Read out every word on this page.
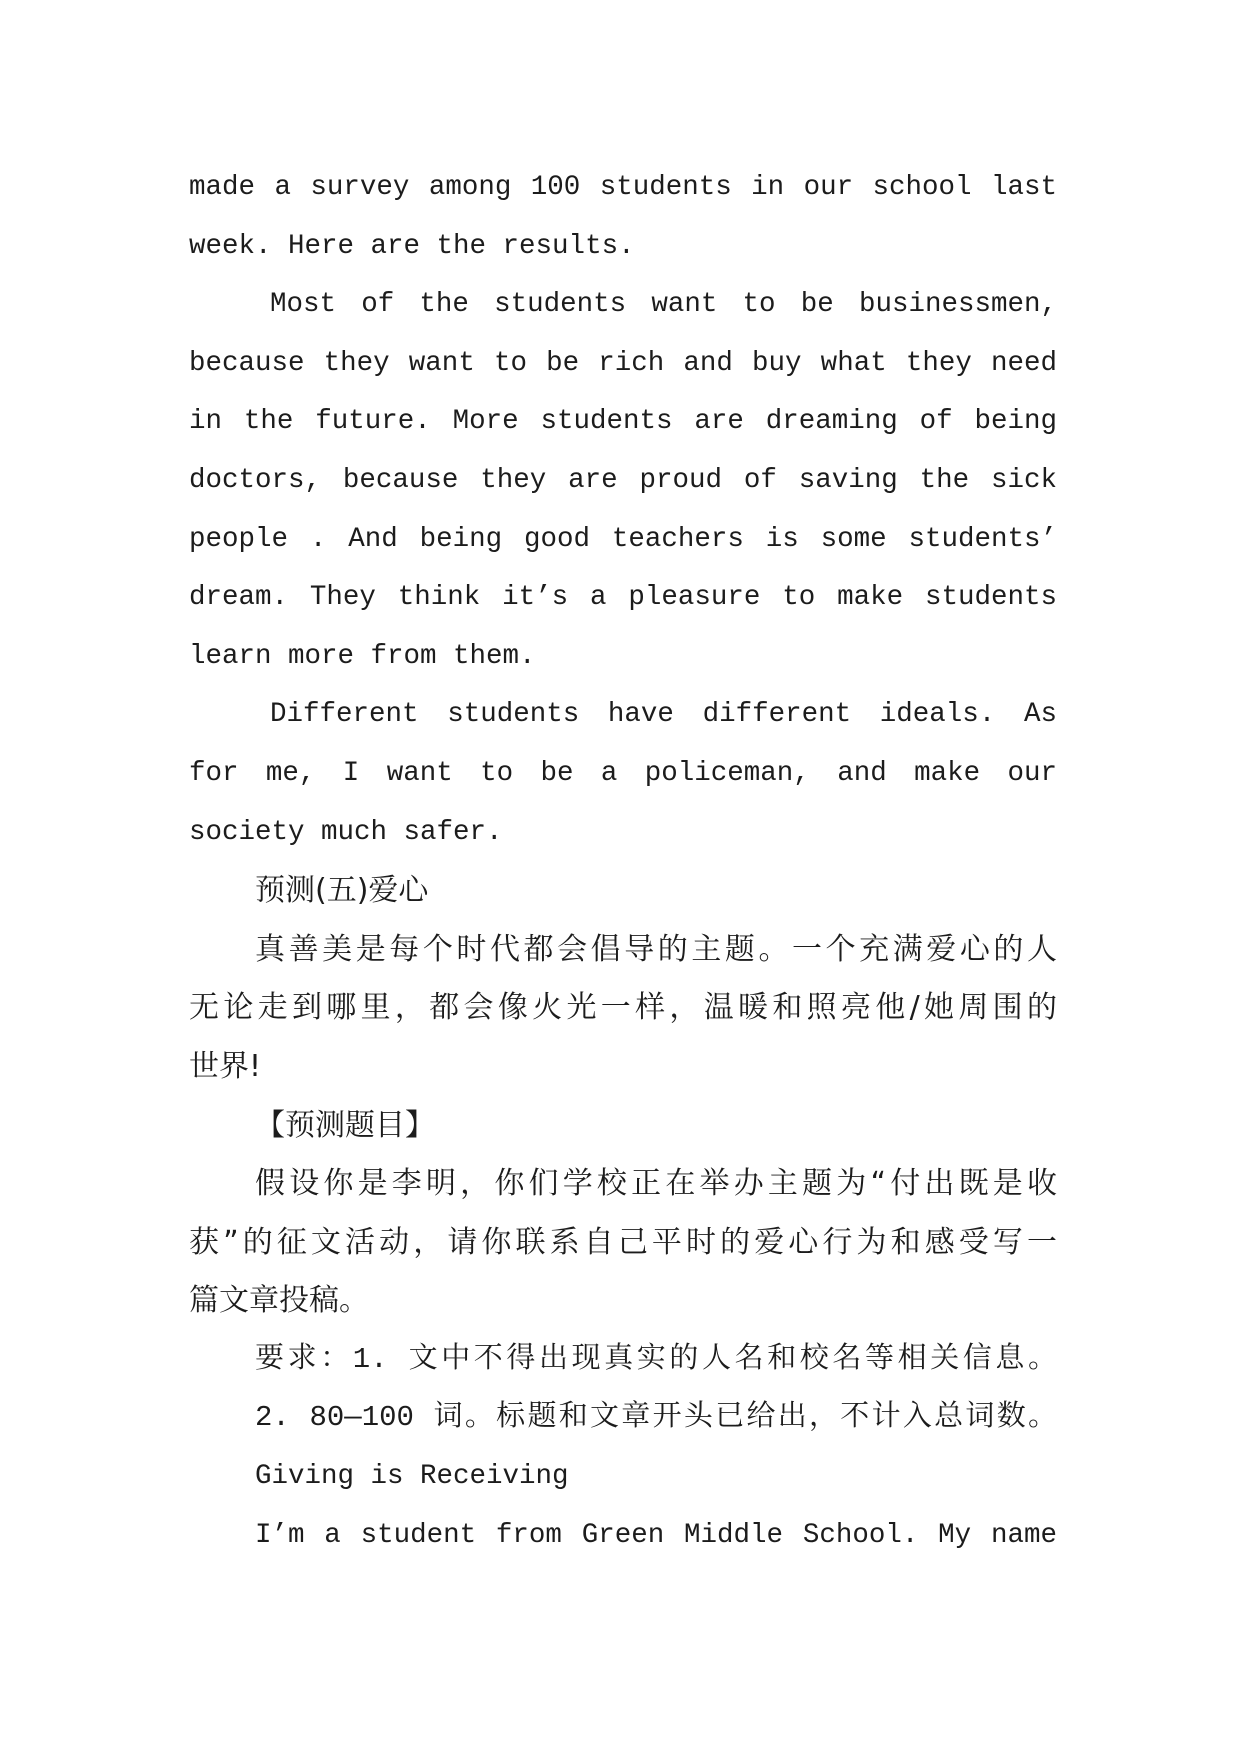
made a survey among 100 students in our school last
week. Here are the results.
Most of the students want to be businessmen,
because they want to be rich and buy what they need
in the future. More students are dreaming of being
doctors, because they are proud of saving the sick
people . And being good teachers is some students’
dream. They think it’s a pleasure to make students
learn more from them.
Different students have different ideals. As
for me, I want to be a policeman, and make our
society much safer.
预测(五)爱心
真善美是每个时代都会倡导的主题。一个充满爱心的人
无论走到哪里，都会像火光一样，温暖和照亮他/她周围的
世界!
【预测题目】
假设你是李明，你们学校正在举办主题为“付出既是收
获”的征文活动，请你联系自己平时的爱心行为和感受写一
篇文章投稿。
要求：1. 文中不得出现真实的人名和校名等相关信息。
2. 80—100 词。标题和文章开头已给出，不计入总词数。
Giving is Receiving
I’m a student from Green Middle School. My name
